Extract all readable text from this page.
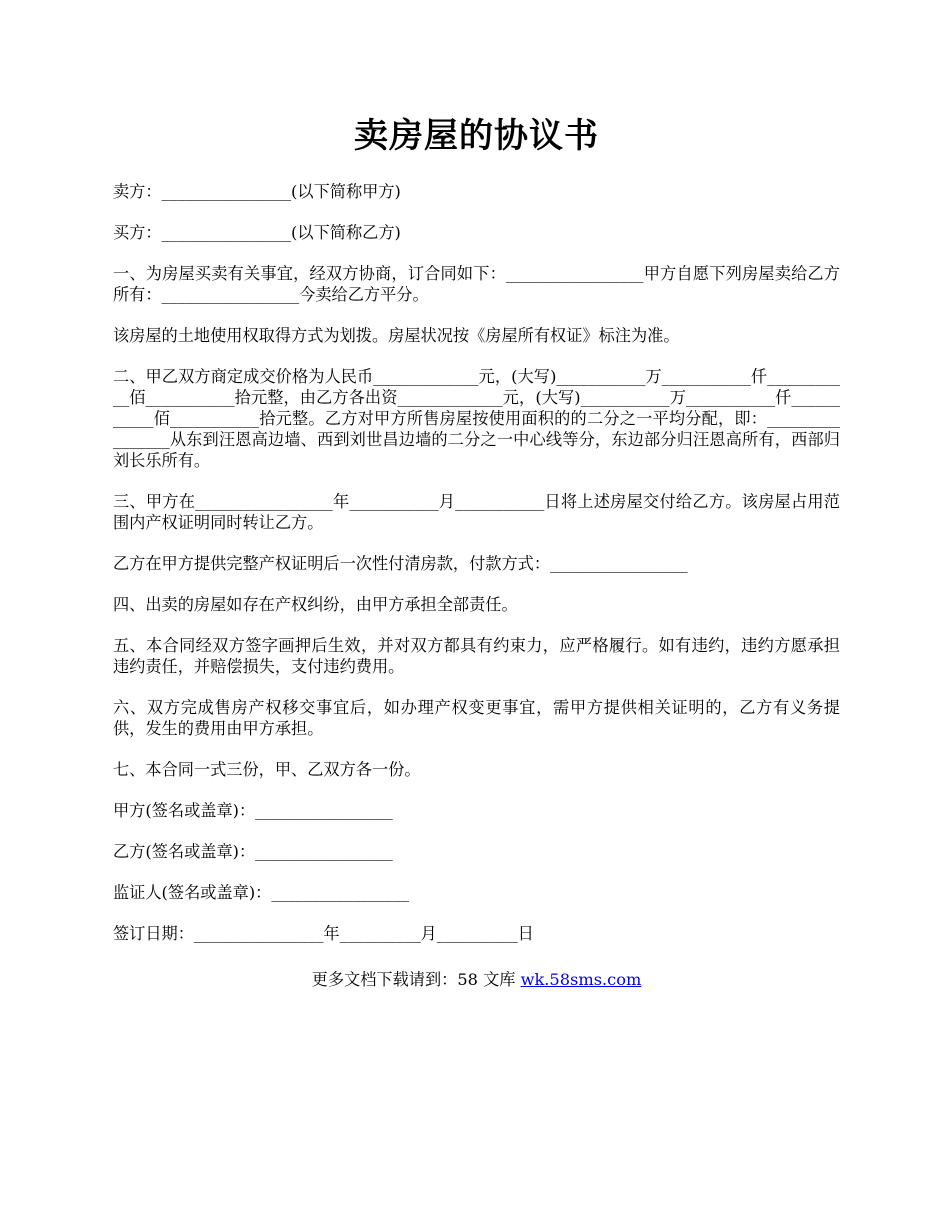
卖房屋的协议书

卖方：________________(以下简称甲方)

买方：________________(以下简称乙方)

一、为房屋买卖有关事宜，经双方协商，订合同如下：_________________甲方自愿下列房屋卖给乙方所有：_________________今卖给乙方平分。

该房屋的土地使用权取得方式为划拨。房屋状况按《房屋所有权证》标注为准。

二、甲乙双方商定成交价格为人民币_____________元，(大写)___________万___________仟___________佰___________拾元整，由乙方各出资_____________元，(大写)___________万___________仟___________佰___________拾元整。乙方对甲方所售房屋按使用面积的的二分之一平均分配，即：________________从东到汪恩高边墙、西到刘世昌边墙的二分之一中心线等分，东边部分归汪恩高所有，西部归刘长乐所有。

三、甲方在_________________年___________月___________日将上述房屋交付给乙方。该房屋占用范围内产权证明同时转让乙方。

乙方在甲方提供完整产权证明后一次性付清房款，付款方式：_________________

四、出卖的房屋如存在产权纠纷，由甲方承担全部责任。

五、本合同经双方签字画押后生效，并对双方都具有约束力，应严格履行。如有违约，违约方愿承担违约责任，并赔偿损失，支付违约费用。

六、双方完成售房产权移交事宜后，如办理产权变更事宜，需甲方提供相关证明的，乙方有义务提供，发生的费用由甲方承担。

七、本合同一式三份，甲、乙双方各一份。

甲方(签名或盖章)：_________________

乙方(签名或盖章)：_________________

监证人(签名或盖章)：_________________

签订日期：________________年__________月__________日

更多文档下载请到：58 文库 wk.58sms.com
